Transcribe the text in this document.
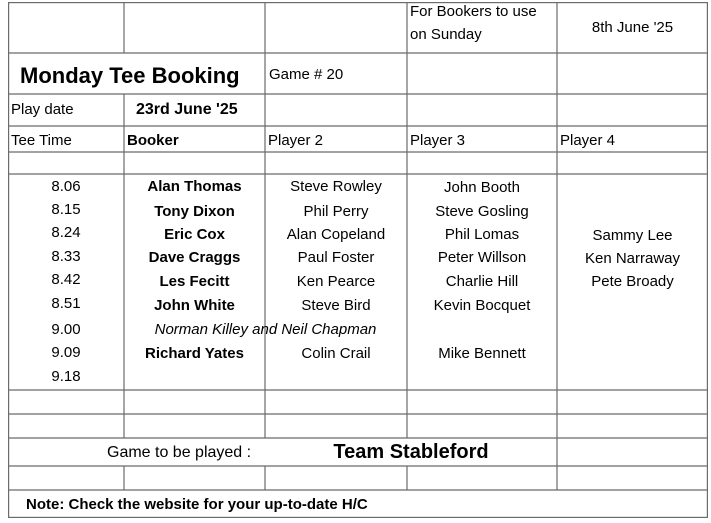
For Bookers to use
on Sunday	8th June '25
Monday Tee Booking Game # 20
Play date	23rd June '25
Tee Time	Booker	Player 2	Player 3	Player 4
8.06	Alan Thomas	Steve Rowley	John Booth
8.15	Tony Dixon	Phil Perry	Steve Gosling
8.24	Eric Cox	Alan Copeland	Phil Lomas	Sammy Lee
8.33	Dave Craggs	Paul Foster	Peter Willson	Ken Narraway
8.42	Les Fecitt	Ken Pearce	Charlie Hill	Pete Broady
8.51	John White	Steve Bird	Kevin Bocquet
9.00	Norman Killey and Neil Chapman
9.09	Richard Yates	Colin Crail	Mike Bennett
9.18
Game to be played :	Team Stableford
Note: Check the website for your up-to-date H/C
